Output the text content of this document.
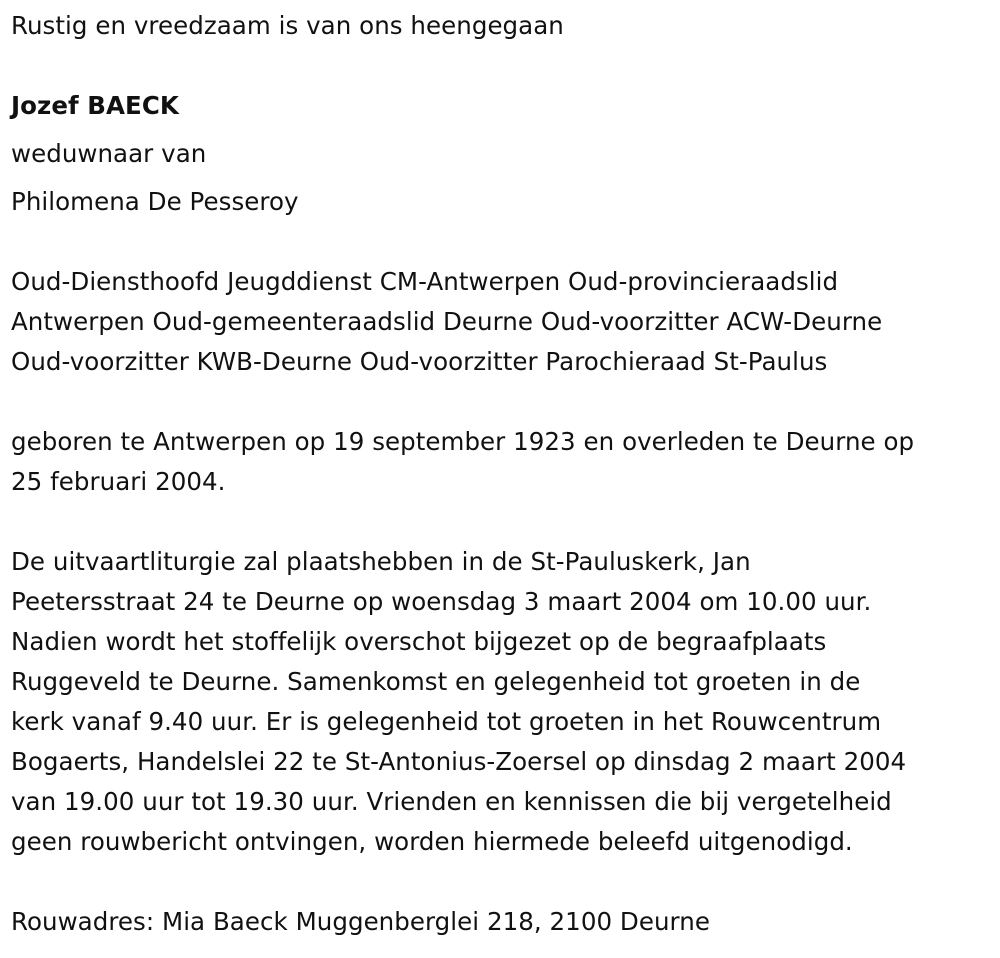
Rustig en vreedzaam is van ons heengegaan
Jozef BAECK
weduwnaar van
Philomena De Pesseroy
Oud-Diensthoofd Jeugddienst CM-Antwerpen Oud-provincieraadslid
Antwerpen Oud-gemeenteraadslid Deurne Oud-voorzitter ACW-Deurne
Oud-voorzitter KWB-Deurne Oud-voorzitter Parochieraad St-Paulus
geboren te Antwerpen op 19 september 1923 en overleden te Deurne op
25 februari 2004.
De uitvaartliturgie zal plaatshebben in de St-Pauluskerk, Jan
Peetersstraat 24 te Deurne op woensdag 3 maart 2004 om 10.00 uur.
Nadien wordt het stoffelijk overschot bijgezet op de begraafplaats
Ruggeveld te Deurne. Samenkomst en gelegenheid tot groeten in de
kerk vanaf 9.40 uur. Er is gelegenheid tot groeten in het Rouwcentrum
Bogaerts, Handelslei 22 te St-Antonius-Zoersel op dinsdag 2 maart 2004
van 19.00 uur tot 19.30 uur. Vrienden en kennissen die bij vergetelheid
geen rouwbericht ontvingen, worden hiermede beleefd uitgenodigd.
Rouwadres: Mia Baeck Muggenberglei 218, 2100 Deurne
